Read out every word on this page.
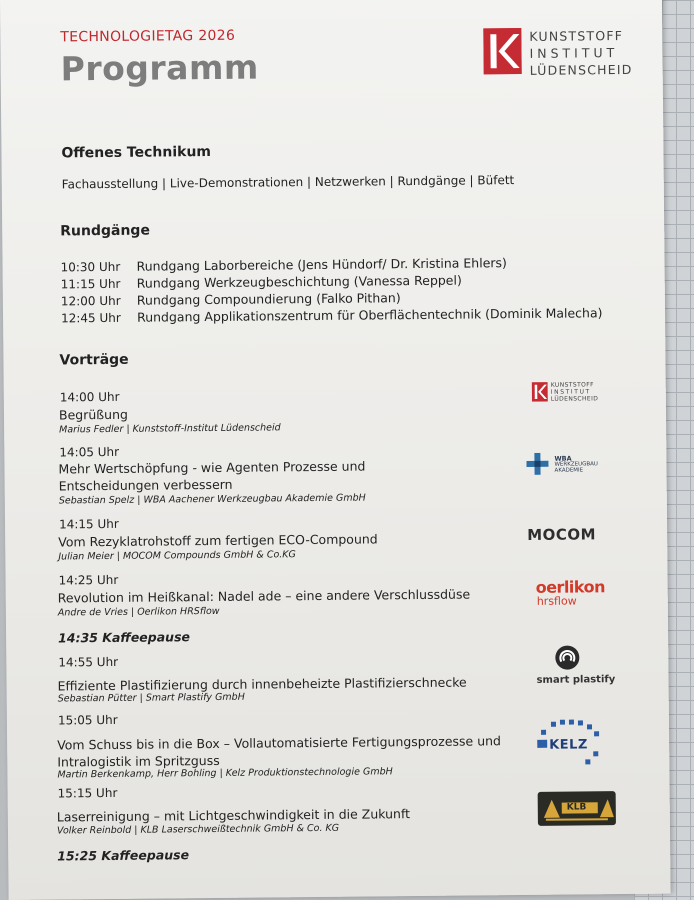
TECHNOLOGIETAG 2026
Programm
KUNSTSTOFF
INSTITUT
LÜDENSCHEID
Offenes Technikum
Fachausstellung | Live-Demonstrationen | Netzwerken | Rundgänge | Büfett
Rundgänge
10:30 Uhr Rundgang Laborbereiche (Jens Hündorf/ Dr. Kristina Ehlers)
11:15 Uhr Rundgang Werkzeugbeschichtung (Vanessa Reppel)
12:00 Uhr Rundgang Compoundierung (Falko Pithan)
12:45 Uhr Rundgang Applikationszentrum für Oberflächentechnik (Dominik Malecha)
Vorträge
14:00 Uhr
Begrüßung
Marius Fedler | Kunststoff-Institut Lüdenscheid
KUNSTSTOFF
INSTITUT
LÜDENSCHEID
14:05 Uhr
Mehr Wertschöpfung - wie Agenten Prozesse und
Entscheidungen verbessern
Sebastian Spelz | WBA Aachener Werkzeugbau Akademie GmbH
WBA
WERKZEUGBAU
AKADEMIE
14:15 Uhr
Vom Rezyklatrohstoff zum fertigen ECO-Compound
Julian Meier | MOCOM Compounds GmbH & Co.KG
MOCOM
14:25 Uhr
Revolution im Heißkanal: Nadel ade – eine andere Verschlussdüse
Andre de Vries | Oerlikon HRSflow
oerlikon
hrsflow
14:35 Kaffeepause
14:55 Uhr
Effiziente Plastifizierung durch innenbeheizte Plastifizierschnecke
Sebastian Pütter | Smart Plastify GmbH
smart plastify
15:05 Uhr
Vom Schuss bis in die Box – Vollautomatisierte Fertigungsprozesse und
Intralogistik im Spritzguss
Martin Berkenkamp, Herr Bohling | Kelz Produktionstechnologie GmbH
KELZ
15:15 Uhr
Laserreinigung – mit Lichtgeschwindigkeit in die Zukunft
Volker Reinbold | KLB Laserschweißtechnik GmbH & Co. KG
KLB
15:25 Kaffeepause
